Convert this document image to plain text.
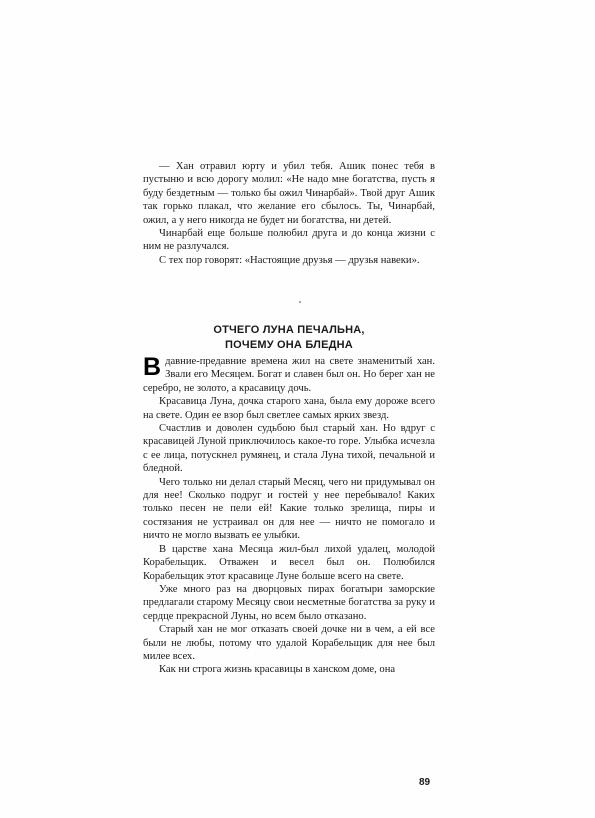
— Хан отравил юрту и убил тебя. Ашик понес тебя в пустыню и всю дорогу молил: «Не надо мне богатства, пусть я буду бездетным — только бы ожил Чинарбай». Твой друг Ашик так горько плакал, что желание его сбылось. Ты, Чинарбай, ожил, а у него никогда не будет ни богатства, ни детей.

Чинарбай еще больше полюбил друга и до конца жизни с ним не разлучался.

С тех пор говорят: «Настоящие друзья — друзья навеки».

ОТЧЕГО ЛУНА ПЕЧАЛЬНА,
ПОЧЕМУ ОНА БЛЕДНА

Вдавние-предавние времена жил на свете знаменитый хан. Звали его Месяцем. Богат и славен был он. Но берег хан не серебро, не золото, а красавицу дочь.

Красавица Луна, дочка старого хана, была ему дороже всего на свете. Один ее взор был светлее самых ярких звезд.

Счастлив и доволен судьбою был старый хан. Но вдруг с красавицей Луной приключилось какое-то горе. Улыбка исчезла с ее лица, потускнел румянец, и стала Луна тихой, печальной и бледной.

Чего только ни делал старый Месяц, чего ни придумывал он для нее! Сколько подруг и гостей у нее перебывало! Каких только песен не пели ей! Какие только зрелища, пиры и состязания не устраивал он для нее — ничто не помогало и ничто не могло вызвать ее улыбки.

В царстве хана Месяца жил-был лихой удалец, молодой Корабельщик. Отважен и весел был он. Полюбился Корабельщик этот красавице Луне больше всего на свете.

Уже много раз на дворцовых пирах богатыри заморские предлагали старому Месяцу свои несметные богатства за руку и сердце прекрасной Луны, но всем было отказано.

Старый хан не мог отказать своей дочке ни в чем, а ей все были не любы, потому что удалой Корабельщик для нее был милее всех.

Как ни строга жизнь красавицы в ханском доме, она

89
